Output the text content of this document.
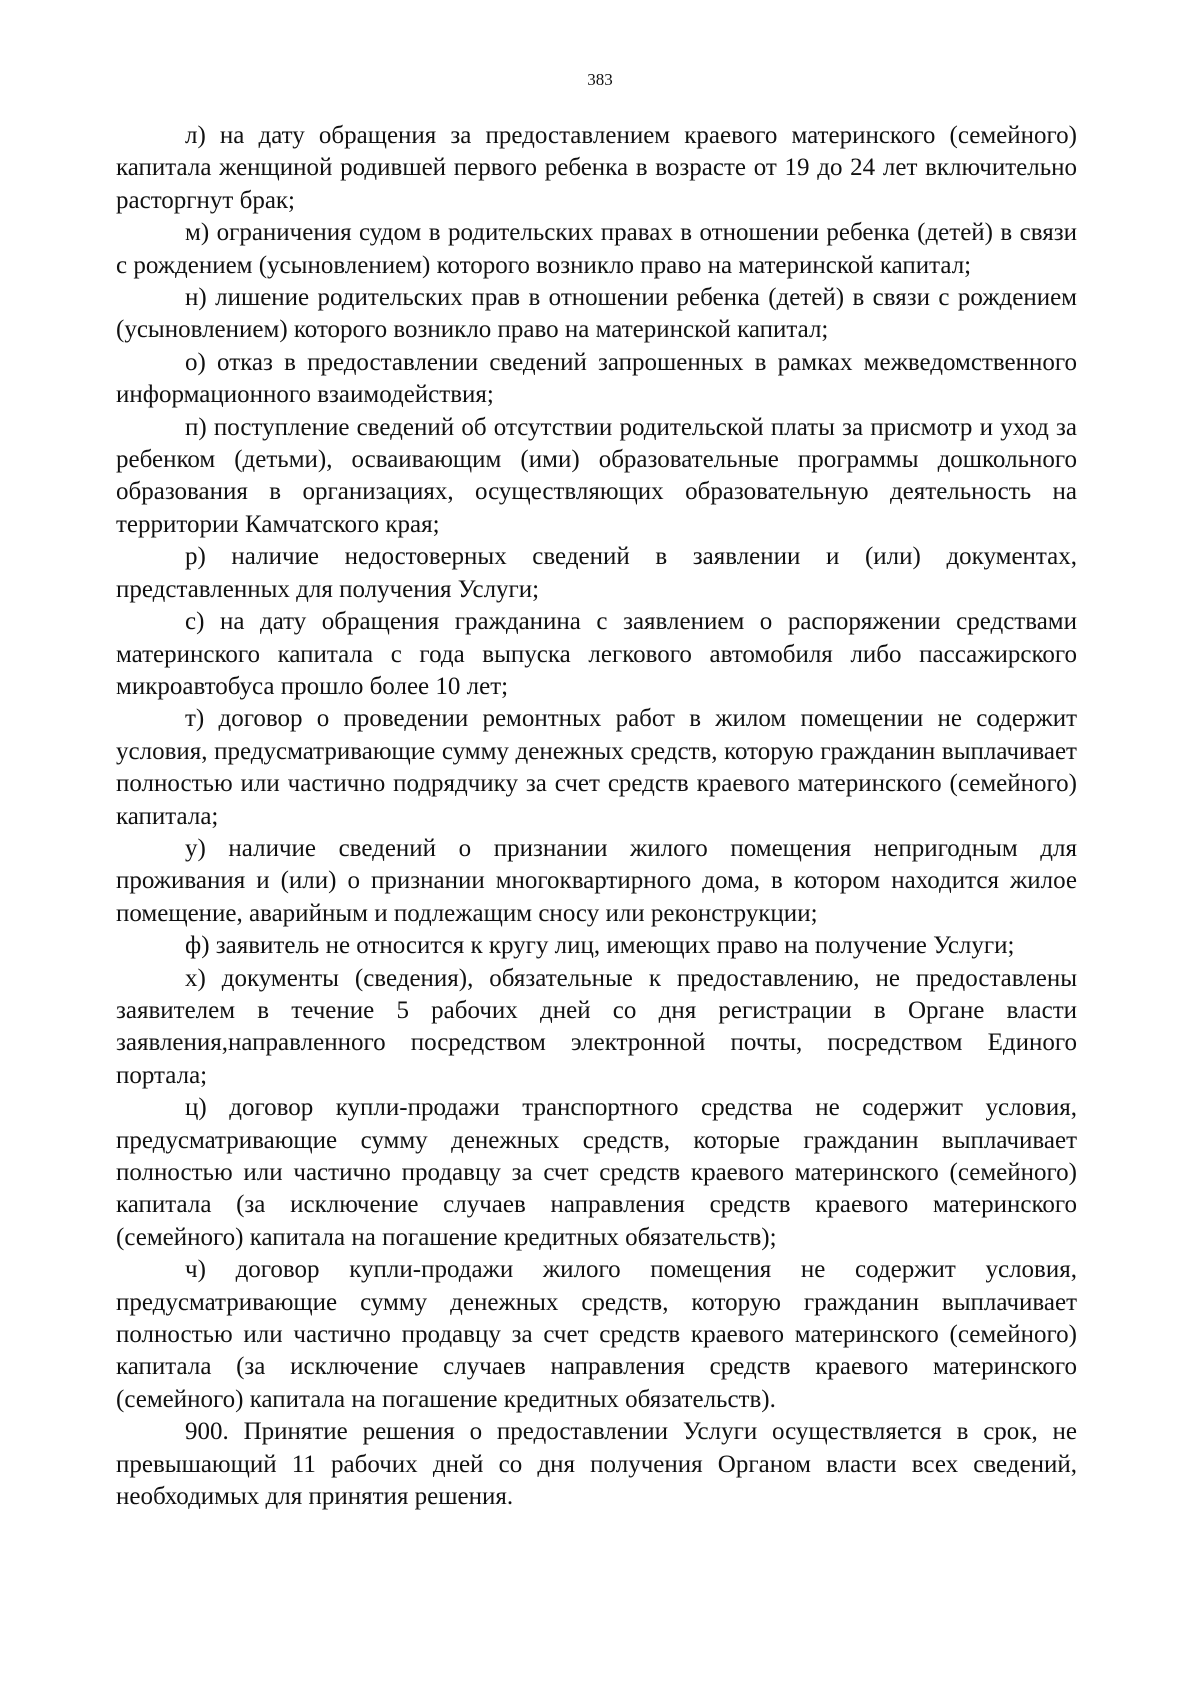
383

л) на дату обращения за предоставлением краевого материнского (семейного) капитала женщиной родившей первого ребенка в возрасте от 19 до 24 лет включительно расторгнут брак;

м) ограничения судом в родительских правах в отношении ребенка (детей) в связи с рождением (усыновлением) которого возникло право на материнской капитал;

н) лишение родительских прав в отношении ребенка (детей) в связи с рождением (усыновлением) которого возникло право на материнской капитал;

о) отказ в предоставлении сведений запрошенных в рамках межведомственного информационного взаимодействия;

п) поступление сведений об отсутствии родительской платы за присмотр и уход за ребенком (детьми), осваивающим (ими) образовательные программы дошкольного образования в организациях, осуществляющих образовательную деятельность на территории Камчатского края;

р) наличие недостоверных сведений в заявлении и (или) документах, представленных для получения Услуги;

с) на дату обращения гражданина с заявлением о распоряжении средствами материнского капитала с года выпуска легкового автомобиля либо пассажирского микроавтобуса прошло более 10 лет;

т) договор о проведении ремонтных работ в жилом помещении не содержит условия, предусматривающие сумму денежных средств, которую гражданин выплачивает полностью или частично подрядчику за счет средств краевого материнского (семейного) капитала;

у) наличие сведений о признании жилого помещения непригодным для проживания и (или) о признании многоквартирного дома, в котором находится жилое помещение, аварийным и подлежащим сносу или реконструкции;

ф) заявитель не относится к кругу лиц, имеющих право на получение Услуги;

х) документы (сведения), обязательные к предоставлению, не предоставлены заявителем в течение 5 рабочих дней со дня регистрации в Органе власти заявления,направленного посредством электронной почты, посредством Единого портала;

ц) договор купли-продажи транспортного средства не содержит условия, предусматривающие сумму денежных средств, которые гражданин выплачивает полностью или частично продавцу за счет средств краевого материнского (семейного) капитала (за исключение случаев направления средств краевого материнского (семейного) капитала на погашение кредитных обязательств);

ч) договор купли-продажи жилого помещения не содержит условия, предусматривающие сумму денежных средств, которую гражданин выплачивает полностью или частично продавцу за счет средств краевого материнского (семейного) капитала (за исключение случаев направления средств краевого материнского (семейного) капитала на погашение кредитных обязательств).

900. Принятие решения о предоставлении Услуги осуществляется в срок, не превышающий 11 рабочих дней со дня получения Органом власти всех сведений, необходимых для принятия решения.
